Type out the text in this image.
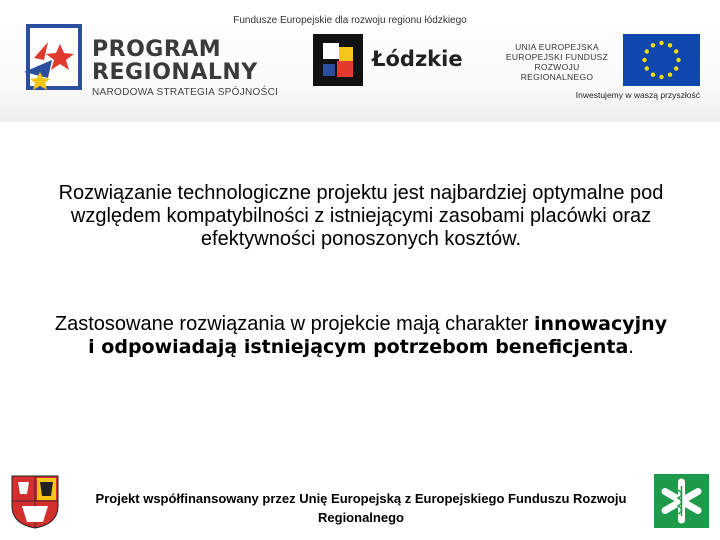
Fundusze Europejskie dla rozwoju regionu łódzkiego
PROGRAM
REGIONALNY
NARODOWA STRATEGIA SPÓJNOŚCI
Łódzkie	UNIA EUROPEJSKA
EUROPEJSKI FUNDUSZ
ROZWOJU REGIONALNEGO
Inwestujemy w waszą przyszłość

Rozwiązanie technologiczne projektu jest najbardziej optymalne pod względem kompatybilności z istniejącymi zasobami placówki oraz efektywności ponoszonych kosztów.

Zastosowane rozwiązania w projekcie mają charakter innowacyjny i odpowiadają istniejącym potrzebom beneficjenta.

Projekt współfinansowany przez Unię Europejską z Europejskiego Funduszu Rozwoju Regionalnego
